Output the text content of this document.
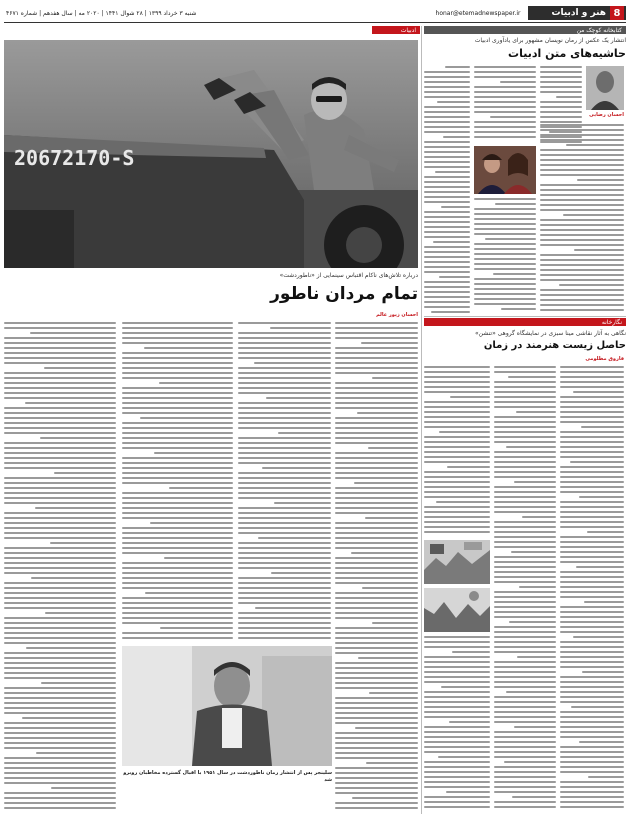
شنبه ۳ خرداد ۱۳۹۹ | ۲۸ شوال ۱۴۴۱ | ۲۰۲۰ مه | سال هفدهم | شماره ۴۶۷۱	honar@etemadnewspaper.ir	هنر و ادبیات 8
ادبیات	کتابخانه کوچک من
نگارخانه
20672170-S
درباره تلاش‌های ناکام اقتباس سینمایی از «ناطوردشت»
تمام مردان ناطور
احسان زیور عالم
سلینجر پس از انتشار رمان ناطوردشت در سال ۱۹۵۱ با اقبال گسترده مخاطبان روبرو شد
انتشار یک عکس از رمان نویسان مشهور برای یادآوری ادبیات
حاشیه‌های متن ادبیات
احسان رضایی
نگاهی به آثار نقاشی مینا سبزی در نمایشگاه گروهی «تنشن»
حاصل زیست هنرمند در زمان
فاروق مظلومی
